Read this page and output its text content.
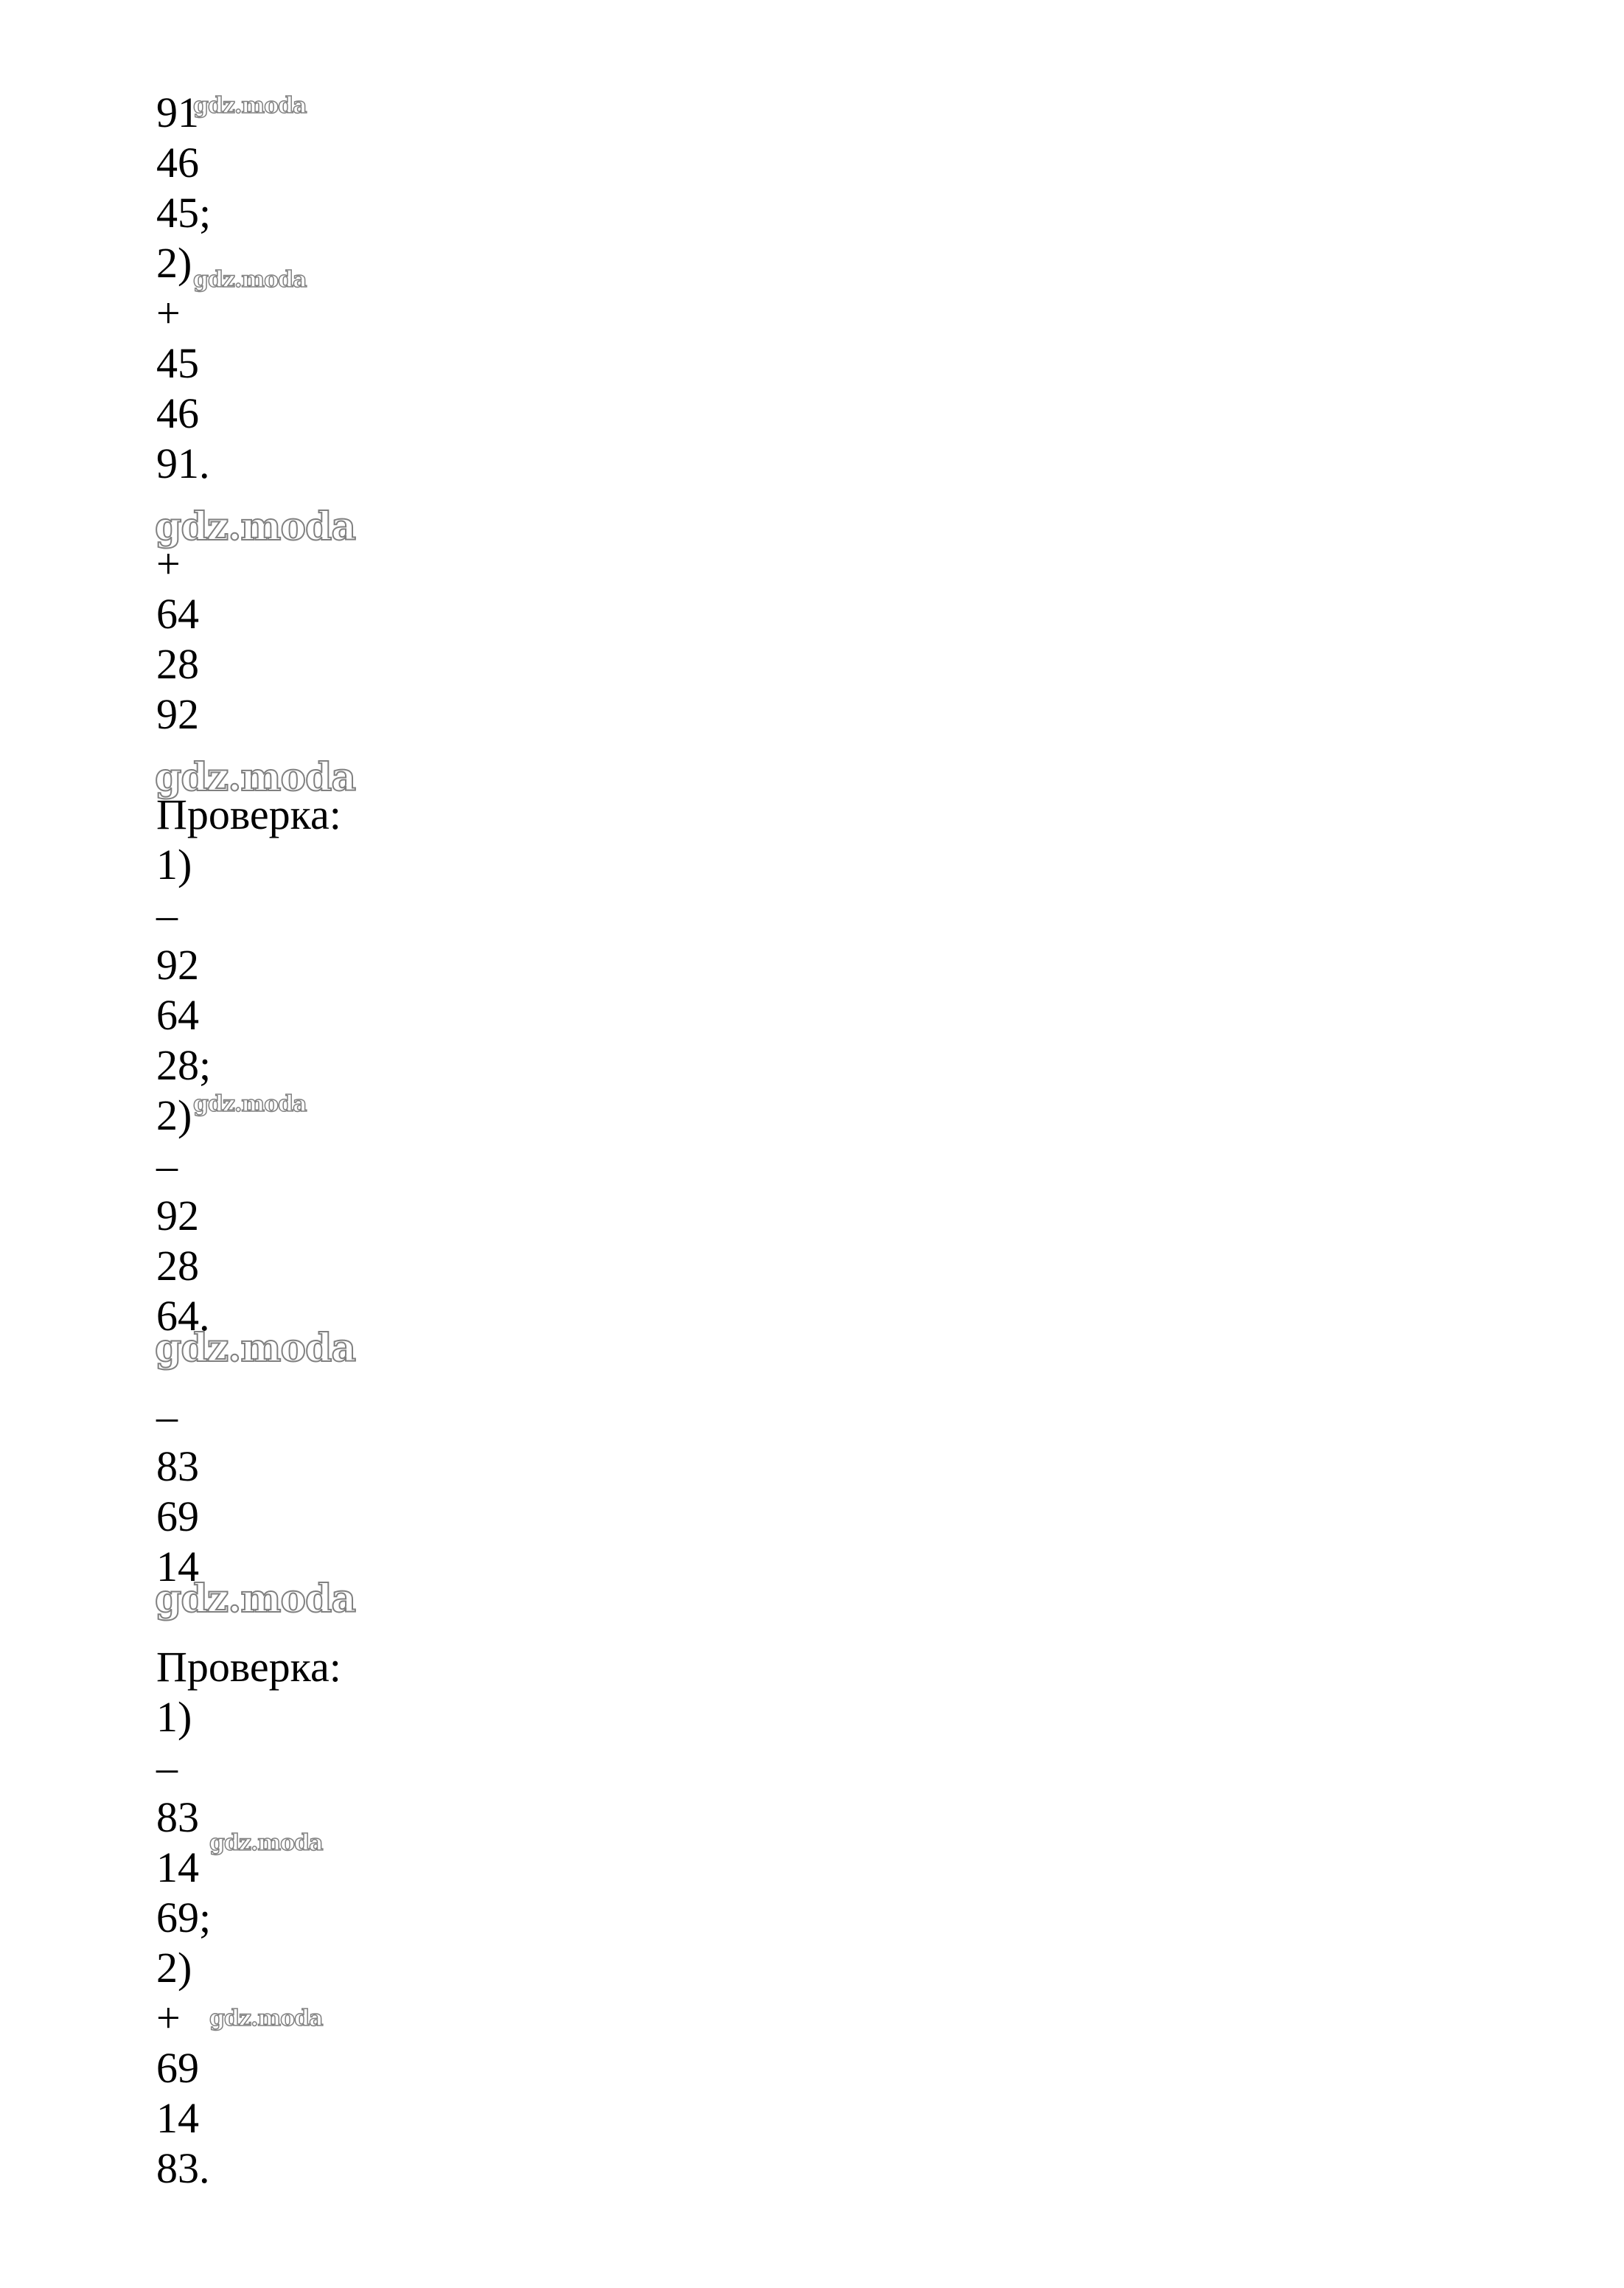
91
46
45;
2)
+
45
46
91.
+
64
28
92
Проверка:
1)
–
92
64
28;
2)
–
92
28
64.
–
83
69
14
Проверка:
1)
–
83
14
69;
2)
+
69
14
83.
gdz.moda
gdz.moda
gdz.moda
gdz.moda
gdz.moda
gdz.moda
gdz.moda
gdz.moda
gdz.moda
